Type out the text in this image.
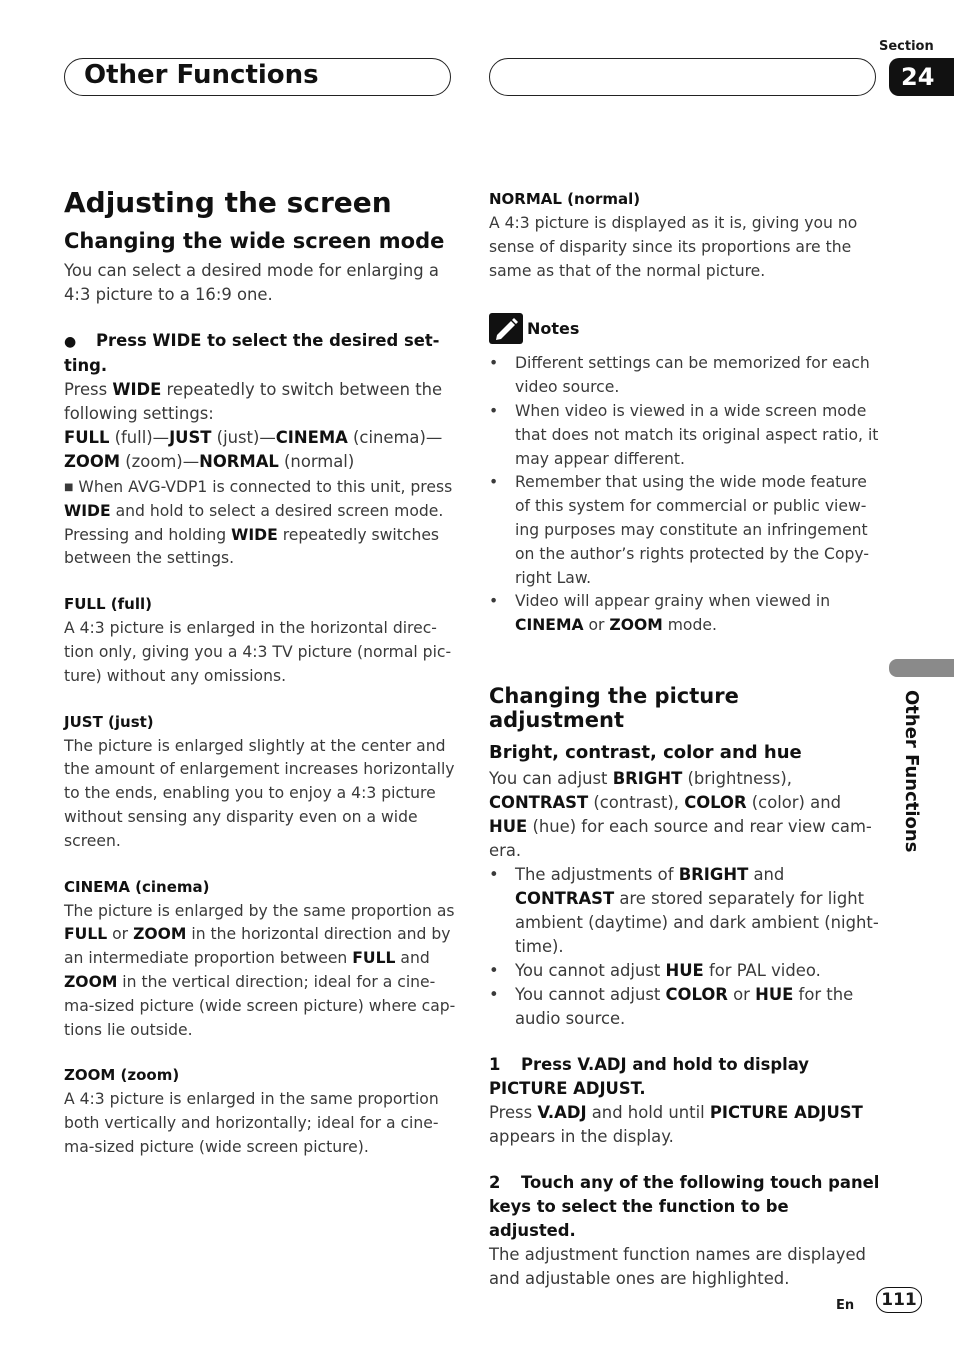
Other Functions
Section
24
Adjusting the screen
Changing the wide screen mode

You can select a desired mode for enlarging a 4:3 picture to a 16:9 one.

● Press WIDE to select the desired set-

ting.

Press WIDE repeatedly to switch between the following settings:

FULL (full)—JUST (just)—CINEMA (cinema)— ZOOM (zoom)—NORMAL (normal)

■ When AVG-VDP1 is connected to this unit, press WIDE and hold to select a desired screen mode. Pressing and holding WIDE repeatedly switches between the settings.

FULL (full)

A 4:3 picture is enlarged in the horizontal direc-tion only, giving you a 4:3 TV picture (normal pic-ture) without any omissions.

JUST (just)

The picture is enlarged slightly at the center and the amount of enlargement increases horizontally to the ends, enabling you to enjoy a 4:3 picture without sensing any disparity even on a wide screen.

CINEMA (cinema)

The picture is enlarged by the same proportion as FULL or ZOOM in the horizontal direction and by an intermediate proportion between FULL and ZOOM in the vertical direction; ideal for a cine-ma-sized picture (wide screen picture) where cap-tions lie outside.

ZOOM (zoom)

A 4:3 picture is enlarged in the same proportion both vertically and horizontally; ideal for a cine-ma-sized picture (wide screen picture).

NORMAL (normal)

A 4:3 picture is displayed as it is, giving you no sense of disparity since its proportions are the same as that of the normal picture.

Notes
• Different settings can be memorized for each video source.
• When video is viewed in a wide screen mode that does not match its original aspect ratio, it may appear different.
• Remember that using the wide mode feature of this system for commercial or public view-ing purposes may constitute an infringement on the author’s rights protected by the Copy-right Law.
• Video will appear grainy when viewed in CINEMA or ZOOM mode.
Changing the picture adjustment
Bright, contrast, color and hue

You can adjust BRIGHT (brightness), CONTRAST (contrast), COLOR (color) and HUE (hue) for each source and rear view cam-era.

• The adjustments of BRIGHT and CONTRAST are stored separately for light ambient (daytime) and dark ambient (night-time).
• You cannot adjust HUE for PAL video.
• You cannot adjust COLOR or HUE for the audio source.

1 Press V.ADJ and hold to display

PICTURE ADJUST.

Press V.ADJ and hold until PICTURE ADJUST appears in the display.

2 Touch any of the following touch panel

keys to select the function to be adjusted.

The adjustment function names are displayed and adjustable ones are highlighted.

Other Functions
En	111
